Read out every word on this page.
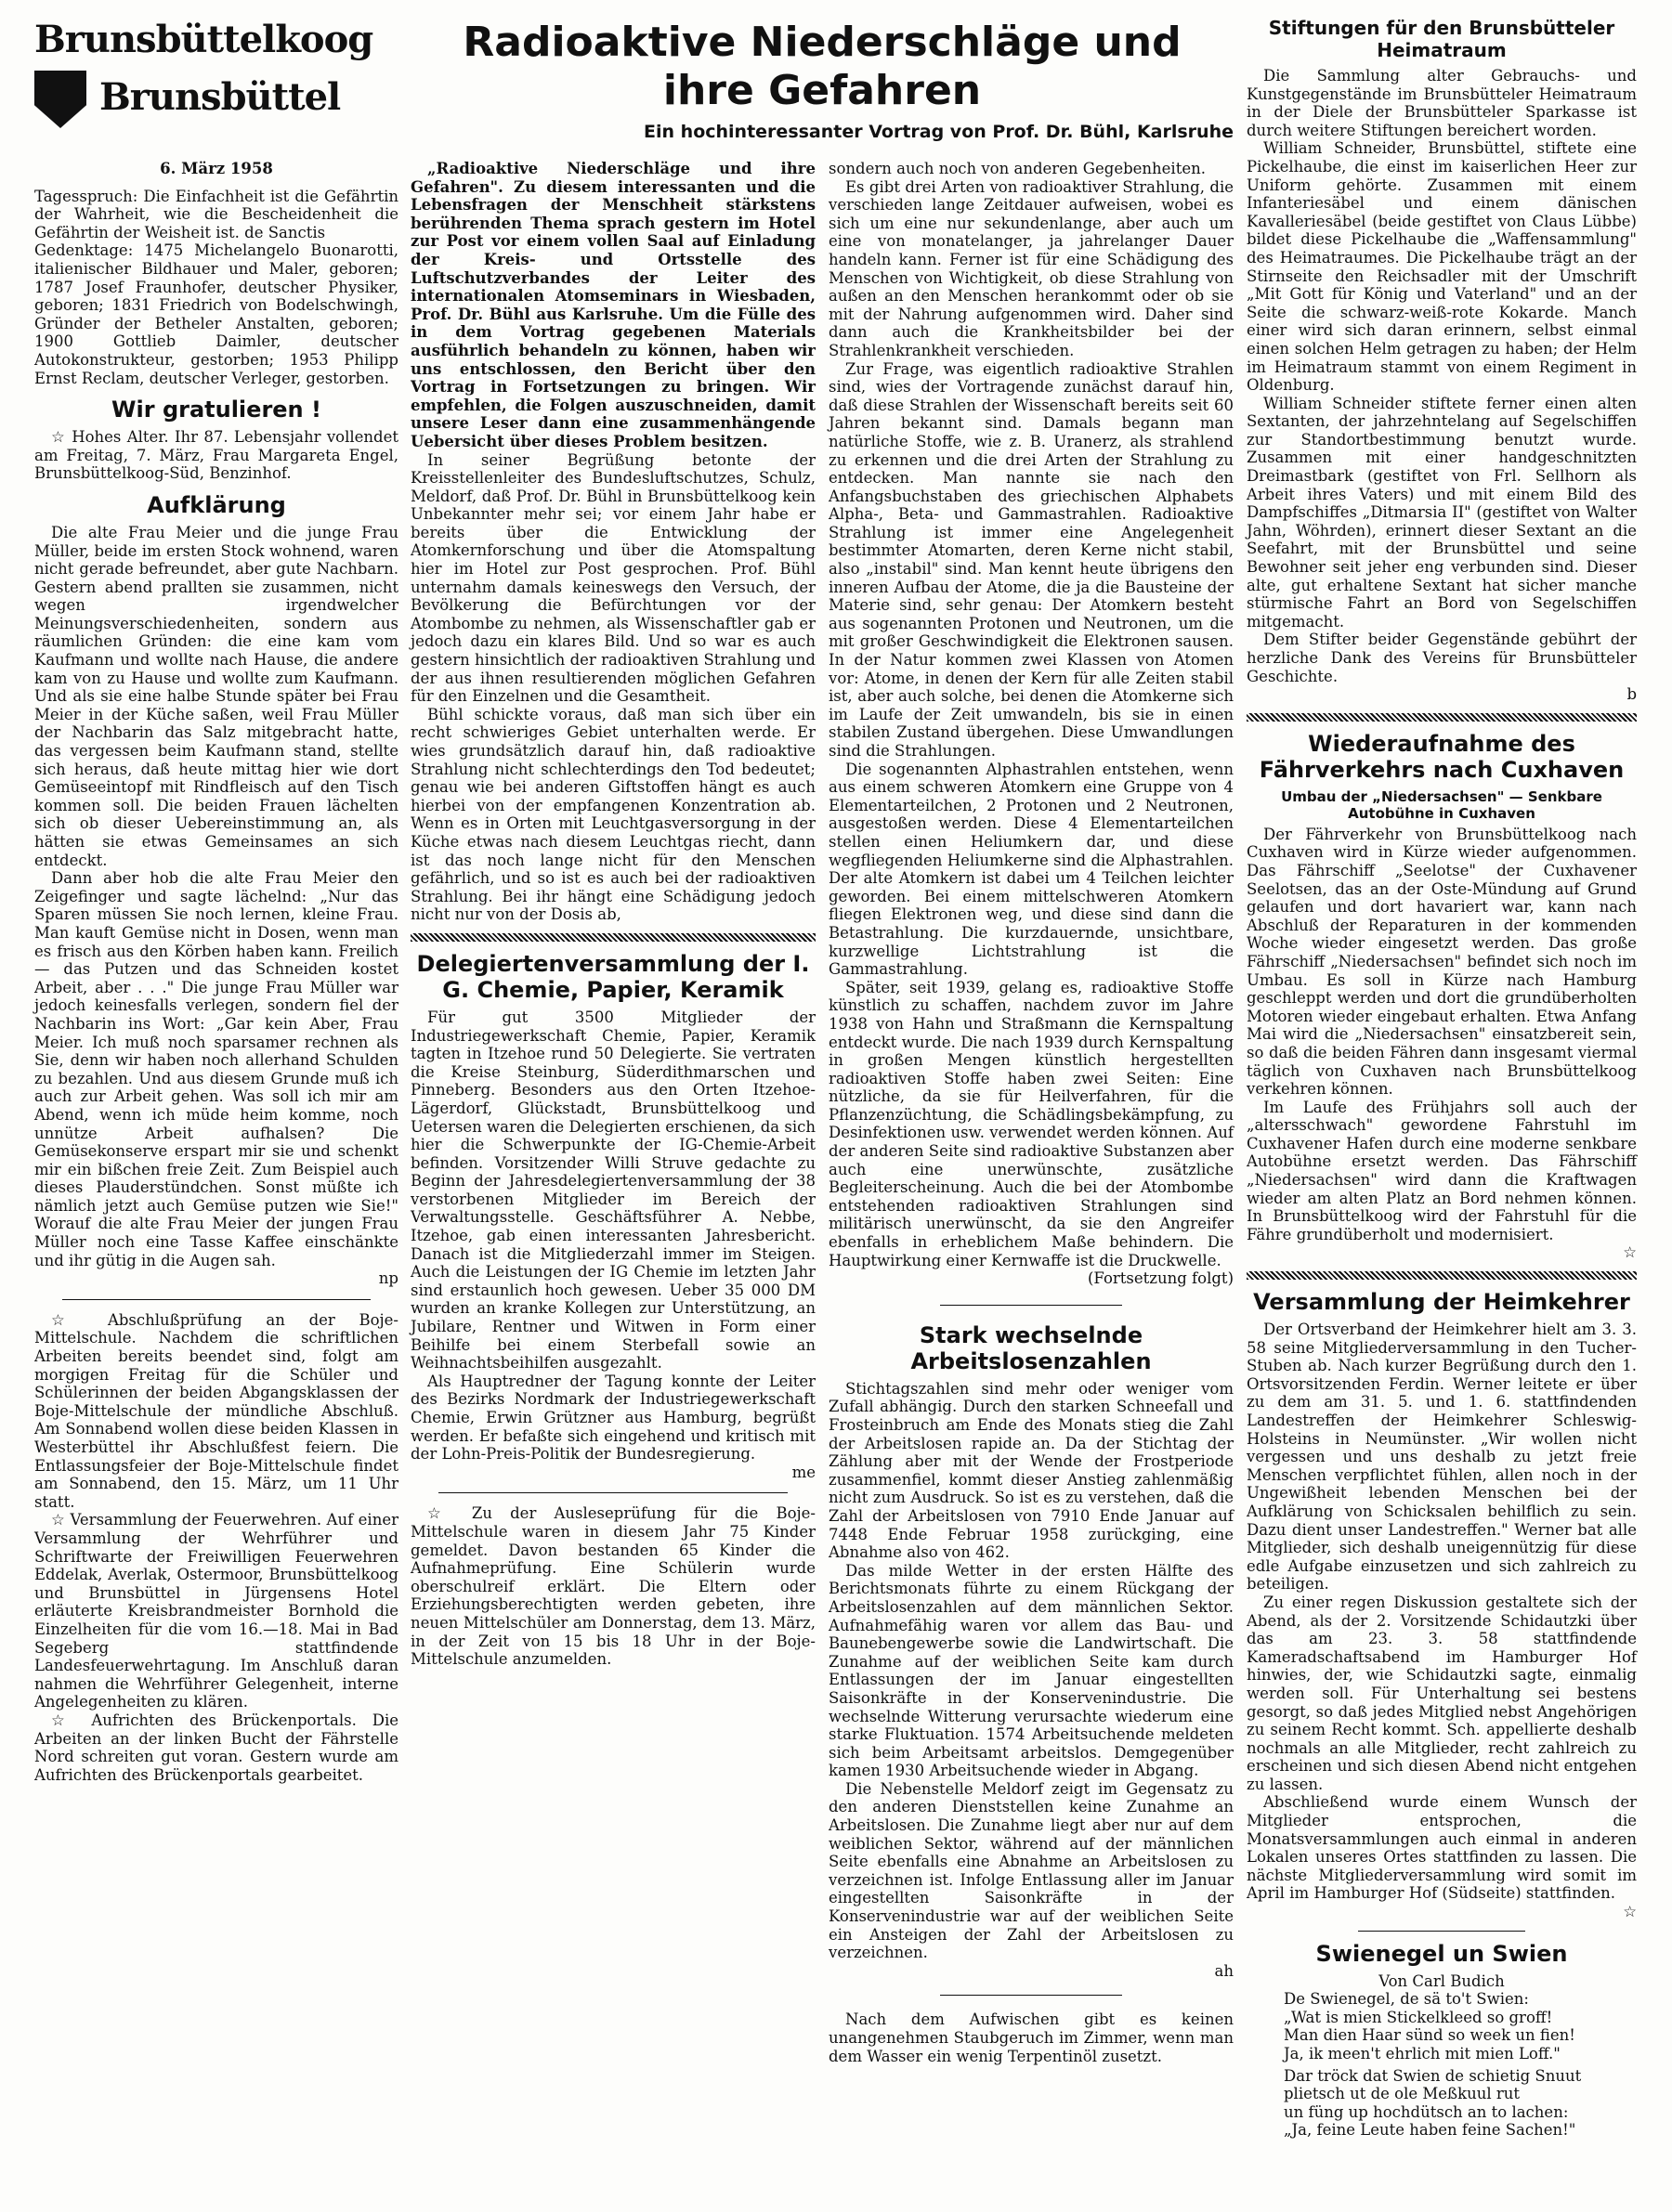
Brunsbüttelkoog
Brunsbüttel
6. März 1958

Tagesspruch: Die Einfachheit ist die Gefährtin der Wahrheit, wie die Bescheidenheit die Gefährtin der Weisheit ist. de Sanctis

Gedenktage: 1475 Michelangelo Buonarotti, italienischer Bildhauer und Maler, geboren; 1787 Josef Fraunhofer, deutscher Physiker, geboren; 1831 Friedrich von Bodelschwingh, Gründer der Betheler Anstalten, geboren; 1900 Gottlieb Daimler, deutscher Autokonstrukteur, gestorben; 1953 Philipp Ernst Reclam, deutscher Verleger, gestorben.

Wir gratulieren !

☆ Hohes Alter. Ihr 87. Lebensjahr vollendet am Freitag, 7. März, Frau Margareta Engel, Brunsbüttelkoog-Süd, Benzinhof.

Aufklärung

Die alte Frau Meier und die junge Frau Müller, beide im ersten Stock wohnend, waren nicht gerade befreundet, aber gute Nachbarn. Gestern abend prallten sie zusammen, nicht wegen irgendwelcher Meinungsverschiedenheiten, sondern aus räumlichen Gründen: die eine kam vom Kaufmann und wollte nach Hause, die andere kam von zu Hause und wollte zum Kaufmann. Und als sie eine halbe Stunde später bei Frau Meier in der Küche saßen, weil Frau Müller der Nachbarin das Salz mitgebracht hatte, das vergessen beim Kaufmann stand, stellte sich heraus, daß heute mittag hier wie dort Gemüseeintopf mit Rindfleisch auf den Tisch kommen soll. Die beiden Frauen lächelten sich ob dieser Uebereinstimmung an, als hätten sie etwas Gemeinsames an sich entdeckt.

Dann aber hob die alte Frau Meier den Zeigefinger und sagte lächelnd: „Nur das Sparen müssen Sie noch lernen, kleine Frau. Man kauft Gemüse nicht in Dosen, wenn man es frisch aus den Körben haben kann. Freilich — das Putzen und das Schneiden kostet Arbeit, aber . . ." Die junge Frau Müller war jedoch keinesfalls verlegen, sondern fiel der Nachbarin ins Wort: „Gar kein Aber, Frau Meier. Ich muß noch sparsamer rechnen als Sie, denn wir haben noch allerhand Schulden zu bezahlen. Und aus diesem Grunde muß ich auch zur Arbeit gehen. Was soll ich mir am Abend, wenn ich müde heim komme, noch unnütze Arbeit aufhalsen? Die Gemüsekonserve erspart mir sie und schenkt mir ein bißchen freie Zeit. Zum Beispiel auch dieses Plauderstündchen. Sonst müßte ich nämlich jetzt auch Gemüse putzen wie Sie!" Worauf die alte Frau Meier der jungen Frau Müller noch eine Tasse Kaffee einschänkte und ihr gütig in die Augen sah.

np

☆ Abschlußprüfung an der Boje-Mittelschule. Nachdem die schriftlichen Arbeiten bereits beendet sind, folgt am morgigen Freitag für die Schüler und Schülerinnen der beiden Abgangsklassen der Boje-Mittelschule der mündliche Abschluß. Am Sonnabend wollen diese beiden Klassen in Westerbüttel ihr Abschlußfest feiern. Die Entlassungsfeier der Boje-Mittelschule findet am Sonnabend, den 15. März, um 11 Uhr statt.

☆ Versammlung der Feuerwehren. Auf einer Versammlung der Wehrführer und Schriftwarte der Freiwilligen Feuerwehren Eddelak, Averlak, Ostermoor, Brunsbüttelkoog und Brunsbüttel in Jürgensens Hotel erläuterte Kreisbrandmeister Bornhold die Einzelheiten für die vom 16.—18. Mai in Bad Segeberg stattfindende Landesfeuerwehrtagung. Im Anschluß daran nahmen die Wehrführer Gelegenheit, interne Angelegenheiten zu klären.

☆ Aufrichten des Brückenportals. Die Arbeiten an der linken Bucht der Fährstelle Nord schreiten gut voran. Gestern wurde am Aufrichten des Brückenportals gearbeitet.

Radioaktive Niederschläge und ihre Gefahren
Ein hochinteressanter Vortrag von Prof. Dr. Bühl, Karlsruhe

„Radioaktive Niederschläge und ihre Gefahren". Zu diesem interessanten und die Lebensfragen der Menschheit stärkstens berührenden Thema sprach gestern im Hotel zur Post vor einem vollen Saal auf Einladung der Kreis- und Ortsstelle des Luftschutzverbandes der Leiter des internationalen Atomseminars in Wiesbaden, Prof. Dr. Bühl aus Karlsruhe. Um die Fülle des in dem Vortrag gegebenen Materials ausführlich behandeln zu können, haben wir uns entschlossen, den Bericht über den Vortrag in Fortsetzungen zu bringen. Wir empfehlen, die Folgen auszuschneiden, damit unsere Leser dann eine zusammenhängende Uebersicht über dieses Problem besitzen.

In seiner Begrüßung betonte der Kreisstellenleiter des Bundesluftschutzes, Schulz, Meldorf, daß Prof. Dr. Bühl in Brunsbüttelkoog kein Unbekannter mehr sei; vor einem Jahr habe er bereits über die Entwicklung der Atomkernforschung und über die Atomspaltung hier im Hotel zur Post gesprochen. Prof. Bühl unternahm damals keineswegs den Versuch, der Bevölkerung die Befürchtungen vor der Atombombe zu nehmen, als Wissenschaftler gab er jedoch dazu ein klares Bild. Und so war es auch gestern hinsichtlich der radioaktiven Strahlung und der aus ihnen resultierenden möglichen Gefahren für den Einzelnen und die Gesamtheit.

Bühl schickte voraus, daß man sich über ein recht schwieriges Gebiet unterhalten werde. Er wies grundsätzlich darauf hin, daß radioaktive Strahlung nicht schlechterdings den Tod bedeutet; genau wie bei anderen Giftstoffen hängt es auch hierbei von der empfangenen Konzentration ab. Wenn es in Orten mit Leuchtgasversorgung in der Küche etwas nach diesem Leuchtgas riecht, dann ist das noch lange nicht für den Menschen gefährlich, und so ist es auch bei der radioaktiven Strahlung. Bei ihr hängt eine Schädigung jedoch nicht nur von der Dosis ab,

Delegiertenversammlung der I. G. Chemie, Papier, Keramik

Für gut 3500 Mitglieder der Industriegewerkschaft Chemie, Papier, Keramik tagten in Itzehoe rund 50 Delegierte. Sie vertraten die Kreise Steinburg, Süderdithmarschen und Pinneberg. Besonders aus den Orten Itzehoe-Lägerdorf, Glückstadt, Brunsbüttelkoog und Uetersen waren die Delegierten erschienen, da sich hier die Schwerpunkte der IG-Chemie-Arbeit befinden. Vorsitzender Willi Struve gedachte zu Beginn der Jahresdelegiertenversammlung der 38 verstorbenen Mitglieder im Bereich der Verwaltungsstelle. Geschäftsführer A. Nebbe, Itzehoe, gab einen interessanten Jahresbericht. Danach ist die Mitgliederzahl immer im Steigen. Auch die Leistungen der IG Chemie im letzten Jahr sind erstaunlich hoch gewesen. Ueber 35 000 DM wurden an kranke Kollegen zur Unterstützung, an Jubilare, Rentner und Witwen in Form einer Beihilfe bei einem Sterbefall sowie an Weihnachtsbeihilfen ausgezahlt.

Als Hauptredner der Tagung konnte der Leiter des Bezirks Nordmark der Industriegewerkschaft Chemie, Erwin Grützner aus Hamburg, begrüßt werden. Er befaßte sich eingehend und kritisch mit der Lohn-Preis-Politik der Bundesregierung.

me

☆ Zu der Ausleseprüfung für die Boje-Mittelschule waren in diesem Jahr 75 Kinder gemeldet. Davon bestanden 65 Kinder die Aufnahmeprüfung. Eine Schülerin wurde oberschulreif erklärt. Die Eltern oder Erziehungsberechtigten werden gebeten, ihre neuen Mittelschüler am Donnerstag, dem 13. März, in der Zeit von 15 bis 18 Uhr in der Boje-Mittelschule anzumelden.

sondern auch noch von anderen Gegebenheiten.

Es gibt drei Arten von radioaktiver Strahlung, die verschieden lange Zeitdauer aufweisen, wobei es sich um eine nur sekundenlange, aber auch um eine von monatelanger, ja jahrelanger Dauer handeln kann. Ferner ist für eine Schädigung des Menschen von Wichtigkeit, ob diese Strahlung von außen an den Menschen herankommt oder ob sie mit der Nahrung aufgenommen wird. Daher sind dann auch die Krankheitsbilder bei der Strahlenkrankheit verschieden.

Zur Frage, was eigentlich radioaktive Strahlen sind, wies der Vortragende zunächst darauf hin, daß diese Strahlen der Wissenschaft bereits seit 60 Jahren bekannt sind. Damals begann man natürliche Stoffe, wie z. B. Uranerz, als strahlend zu erkennen und die drei Arten der Strahlung zu entdecken. Man nannte sie nach den Anfangsbuchstaben des griechischen Alphabets Alpha-, Beta- und Gammastrahlen. Radioaktive Strahlung ist immer eine Angelegenheit bestimmter Atomarten, deren Kerne nicht stabil, also „instabil" sind. Man kennt heute übrigens den inneren Aufbau der Atome, die ja die Bausteine der Materie sind, sehr genau: Der Atomkern besteht aus sogenannten Protonen und Neutronen, um die mit großer Geschwindigkeit die Elektronen sausen. In der Natur kommen zwei Klassen von Atomen vor: Atome, in denen der Kern für alle Zeiten stabil ist, aber auch solche, bei denen die Atomkerne sich im Laufe der Zeit umwandeln, bis sie in einen stabilen Zustand übergehen. Diese Umwandlungen sind die Strahlungen.

Die sogenannten Alphastrahlen entstehen, wenn aus einem schweren Atomkern eine Gruppe von 4 Elementarteilchen, 2 Protonen und 2 Neutronen, ausgestoßen werden. Diese 4 Elementarteilchen stellen einen Heliumkern dar, und diese wegfliegenden Heliumkerne sind die Alphastrahlen. Der alte Atomkern ist dabei um 4 Teilchen leichter geworden. Bei einem mittelschweren Atomkern fliegen Elektronen weg, und diese sind dann die Betastrahlung. Die kurzdauernde, unsichtbare, kurzwellige Lichtstrahlung ist die Gammastrahlung.

Später, seit 1939, gelang es, radioaktive Stoffe künstlich zu schaffen, nachdem zuvor im Jahre 1938 von Hahn und Straßmann die Kernspaltung entdeckt wurde. Die nach 1939 durch Kernspaltung in großen Mengen künstlich hergestellten radioaktiven Stoffe haben zwei Seiten: Eine nützliche, da sie für Heilverfahren, für die Pflanzenzüchtung, die Schädlingsbekämpfung, zu Desinfektionen usw. verwendet werden können. Auf der anderen Seite sind radioaktive Substanzen aber auch eine unerwünschte, zusätzliche Begleiterscheinung. Auch die bei der Atombombe entstehenden radioaktiven Strahlungen sind militärisch unerwünscht, da sie den Angreifer ebenfalls in erheblichem Maße behindern. Die Hauptwirkung einer Kernwaffe ist die Druckwelle.

(Fortsetzung folgt)
Stark wechselnde Arbeitslosenzahlen

Stichtagszahlen sind mehr oder weniger vom Zufall abhängig. Durch den starken Schneefall und Frosteinbruch am Ende des Monats stieg die Zahl der Arbeitslosen rapide an. Da der Stichtag der Zählung aber mit der Wende der Frostperiode zusammenfiel, kommt dieser Anstieg zahlenmäßig nicht zum Ausdruck. So ist es zu verstehen, daß die Zahl der Arbeitslosen von 7910 Ende Januar auf 7448 Ende Februar 1958 zurückging, eine Abnahme also von 462.

Das milde Wetter in der ersten Hälfte des Berichtsmonats führte zu einem Rückgang der Arbeitslosenzahlen auf dem männlichen Sektor. Aufnahmefähig waren vor allem das Bau- und Baunebengewerbe sowie die Landwirtschaft. Die Zunahme auf der weiblichen Seite kam durch Entlassungen der im Januar eingestellten Saisonkräfte in der Konservenindustrie. Die wechselnde Witterung verursachte wiederum eine starke Fluktuation. 1574 Arbeitsuchende meldeten sich beim Arbeitsamt arbeitslos. Demgegenüber kamen 1930 Arbeitsuchende wieder in Abgang.

Die Nebenstelle Meldorf zeigt im Gegensatz zu den anderen Dienststellen keine Zunahme an Arbeitslosen. Die Zunahme liegt aber nur auf dem weiblichen Sektor, während auf der männlichen Seite ebenfalls eine Abnahme an Arbeitslosen zu verzeichnen ist. Infolge Entlassung aller im Januar eingestellten Saisonkräfte in der Konservenindustrie war auf der weiblichen Seite ein Ansteigen der Zahl der Arbeitslosen zu verzeichnen.

ah

Nach dem Aufwischen gibt es keinen unangenehmen Staubgeruch im Zimmer, wenn man dem Wasser ein wenig Terpentinöl zusetzt.

Stiftungen für den Brunsbütteler Heimatraum

Die Sammlung alter Gebrauchs- und Kunstgegenstände im Brunsbütteler Heimatraum in der Diele der Brunsbütteler Sparkasse ist durch weitere Stiftungen bereichert worden.

William Schneider, Brunsbüttel, stiftete eine Pickelhaube, die einst im kaiserlichen Heer zur Uniform gehörte. Zusammen mit einem Infanteriesäbel und einem dänischen Kavalleriesäbel (beide gestiftet von Claus Lübbe) bildet diese Pickelhaube die „Waffensammlung" des Heimatraumes. Die Pickelhaube trägt an der Stirnseite den Reichsadler mit der Umschrift „Mit Gott für König und Vaterland" und an der Seite die schwarz-weiß-rote Kokarde. Manch einer wird sich daran erinnern, selbst einmal einen solchen Helm getragen zu haben; der Helm im Heimatraum stammt von einem Regiment in Oldenburg.

William Schneider stiftete ferner einen alten Sextanten, der jahrzehntelang auf Segelschiffen zur Standortbestimmung benutzt wurde. Zusammen mit einer handgeschnitzten Dreimastbark (gestiftet von Frl. Sellhorn als Arbeit ihres Vaters) und mit einem Bild des Dampfschiffes „Ditmarsia II" (gestiftet von Walter Jahn, Wöhrden), erinnert dieser Sextant an die Seefahrt, mit der Brunsbüttel und seine Bewohner seit jeher eng verbunden sind. Dieser alte, gut erhaltene Sextant hat sicher manche stürmische Fahrt an Bord von Segelschiffen mitgemacht.

Dem Stifter beider Gegenstände gebührt der herzliche Dank des Vereins für Brunsbütteler Geschichte.

b
Wiederaufnahme des Fährverkehrs nach Cuxhaven
Umbau der „Niedersachsen" — Senkbare Autobühne in Cuxhaven

Der Fährverkehr von Brunsbüttelkoog nach Cuxhaven wird in Kürze wieder aufgenommen. Das Fährschiff „Seelotse" der Cuxhavener Seelotsen, das an der Oste-Mündung auf Grund gelaufen und dort havariert war, kann nach Abschluß der Reparaturen in der kommenden Woche wieder eingesetzt werden. Das große Fährschiff „Niedersachsen" befindet sich noch im Umbau. Es soll in Kürze nach Hamburg geschleppt werden und dort die grundüberholten Motoren wieder eingebaut erhalten. Etwa Anfang Mai wird die „Niedersachsen" einsatzbereit sein, so daß die beiden Fähren dann insgesamt viermal täglich von Cuxhaven nach Brunsbüttelkoog verkehren können.

Im Laufe des Frühjahrs soll auch der „altersschwach" gewordene Fahrstuhl im Cuxhavener Hafen durch eine moderne senkbare Autobühne ersetzt werden. Das Fährschiff „Niedersachsen" wird dann die Kraftwagen wieder am alten Platz an Bord nehmen können. In Brunsbüttelkoog wird der Fahrstuhl für die Fähre grundüberholt und modernisiert.

☆
Versammlung der Heimkehrer

Der Ortsverband der Heimkehrer hielt am 3. 3. 58 seine Mitgliederversammlung in den Tucher-Stuben ab. Nach kurzer Begrüßung durch den 1. Ortsvorsitzenden Ferdin. Werner leitete er über zu dem am 31. 5. und 1. 6. stattfindenden Landestreffen der Heimkehrer Schleswig-Holsteins in Neumünster. „Wir wollen nicht vergessen und uns deshalb zu jetzt freie Menschen verpflichtet fühlen, allen noch in der Ungewißheit lebenden Menschen bei der Aufklärung von Schicksalen behilflich zu sein. Dazu dient unser Landestreffen." Werner bat alle Mitglieder, sich deshalb uneigennützig für diese edle Aufgabe einzusetzen und sich zahlreich zu beteiligen.

Zu einer regen Diskussion gestaltete sich der Abend, als der 2. Vorsitzende Schidautzki über das am 23. 3. 58 stattfindende Kameradschaftsabend im Hamburger Hof hinwies, der, wie Schidautzki sagte, einmalig werden soll. Für Unterhaltung sei bestens gesorgt, so daß jedes Mitglied nebst Angehörigen zu seinem Recht kommt. Sch. appellierte deshalb nochmals an alle Mitglieder, recht zahlreich zu erscheinen und sich diesen Abend nicht entgehen zu lassen.

Abschließend wurde einem Wunsch der Mitglieder entsprochen, die Monatsversammlungen auch einmal in anderen Lokalen unseres Ortes stattfinden zu lassen. Die nächste Mitgliederversammlung wird somit im April im Hamburger Hof (Südseite) stattfinden.

☆
Swienegel un Swien
Von Carl Budich
De Swienegel, de sä to't Swien:
„Wat is mien Stickelkleed so groff!
Man dien Haar sünd so week un fien!
Ja, ik meen't ehrlich mit mien Loff."
Dar tröck dat Swien de schietig Snuut
plietsch ut de ole Meßkuul rut
un füng up hochdütsch an to lachen:
„Ja, feine Leute haben feine Sachen!"
